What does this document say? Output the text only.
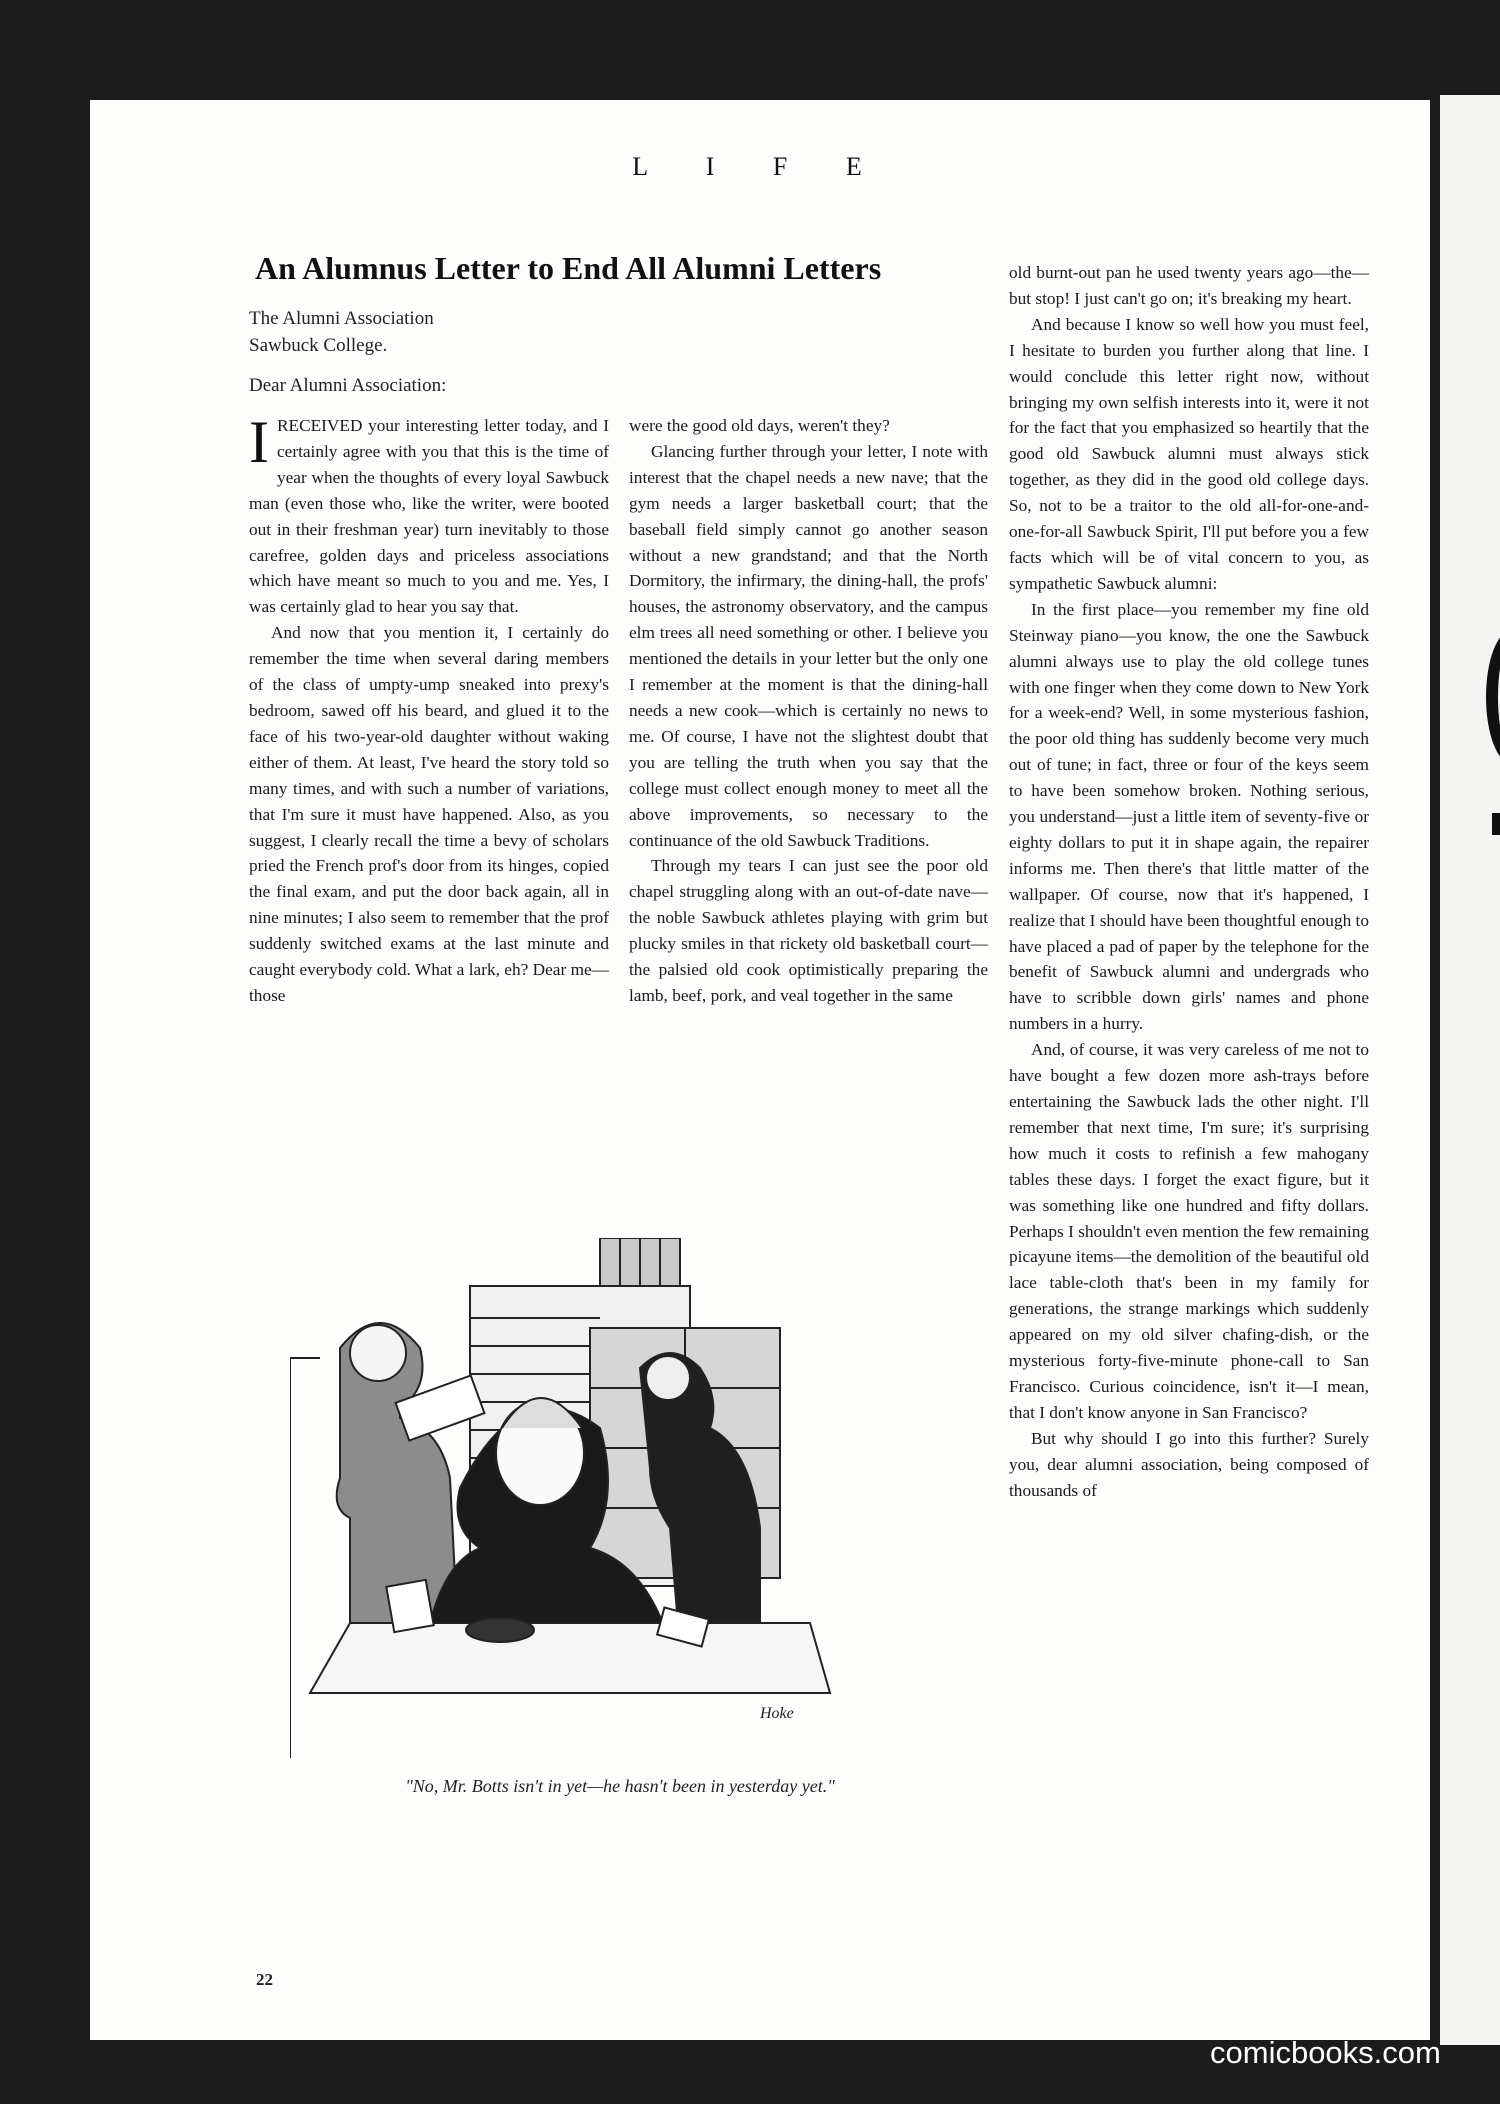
L I F E
An Alumnus Letter to End All Alumni Letters
The Alumni Association
Sawbuck College.
Dear Alumni Association:

IRECEIVED your interesting letter today, and I certainly agree with you that this is the time of year when the thoughts of every loyal Sawbuck man (even those who, like the writer, were booted out in their freshman year) turn inevitably to those carefree, golden days and priceless associations which have meant so much to you and me. Yes, I was certainly glad to hear you say that.

And now that you mention it, I certainly do remember the time when several daring members of the class of umpty-ump sneaked into prexy's bedroom, sawed off his beard, and glued it to the face of his two-year-old daughter without waking either of them. At least, I've heard the story told so many times, and with such a number of variations, that I'm sure it must have happened. Also, as you suggest, I clearly recall the time a bevy of scholars pried the French prof's door from its hinges, copied the final exam, and put the door back again, all in nine minutes; I also seem to remember that the prof suddenly switched exams at the last minute and caught everybody cold. What a lark, eh? Dear me—those

were the good old days, weren't they?

Glancing further through your letter, I note with interest that the chapel needs a new nave; that the gym needs a larger basketball court; that the baseball field simply cannot go another season without a new grandstand; and that the North Dormitory, the infirmary, the dining-hall, the profs' houses, the astronomy observatory, and the campus elm trees all need something or other. I believe you mentioned the details in your letter but the only one I remember at the moment is that the dining-hall needs a new cook—which is certainly no news to me. Of course, I have not the slightest doubt that you are telling the truth when you say that the college must collect enough money to meet all the above improvements, so necessary to the continuance of the old Sawbuck Traditions.

Through my tears I can just see the poor old chapel struggling along with an out-of-date nave—the noble Sawbuck athletes playing with grim but plucky smiles in that rickety old basketball court—the palsied old cook optimistically preparing the lamb, beef, pork, and veal together in the same

old burnt-out pan he used twenty years ago—the—but stop! I just can't go on; it's breaking my heart.

And because I know so well how you must feel, I hesitate to burden you further along that line. I would conclude this letter right now, without bringing my own selfish interests into it, were it not for the fact that you emphasized so heartily that the good old Sawbuck alumni must always stick together, as they did in the good old college days. So, not to be a traitor to the old all-for-one-and-one-for-all Sawbuck Spirit, I'll put before you a few facts which will be of vital concern to you, as sympathetic Sawbuck alumni:

In the first place—you remember my fine old Steinway piano—you know, the one the Sawbuck alumni always use to play the old college tunes with one finger when they come down to New York for a week-end? Well, in some mysterious fashion, the poor old thing has suddenly become very much out of tune; in fact, three or four of the keys seem to have been somehow broken. Nothing serious, you understand—just a little item of seventy-five or eighty dollars to put it in shape again, the repairer informs me. Then there's that little matter of the wallpaper. Of course, now that it's happened, I realize that I should have been thoughtful enough to have placed a pad of paper by the telephone for the benefit of Sawbuck alumni and undergrads who have to scribble down girls' names and phone numbers in a hurry.

And, of course, it was very careless of me not to have bought a few dozen more ash-trays before entertaining the Sawbuck lads the other night. I'll remember that next time, I'm sure; it's surprising how much it costs to refinish a few mahogany tables these days. I forget the exact figure, but it was something like one hundred and fifty dollars. Perhaps I shouldn't even mention the few remaining picayune items—the demolition of the beautiful old lace table-cloth that's been in my family for generations, the strange markings which suddenly appeared on my old silver chafing-dish, or the mysterious forty-five-minute phone-call to San Francisco. Curious coincidence, isn't it—I mean, that I don't know anyone in San Francisco?

But why should I go into this further? Surely you, dear alumni association, being composed of thousands of

Hoke
"No, Mr. Botts isn't in yet—he hasn't been in yesterday yet."
22
comicbooks.com
